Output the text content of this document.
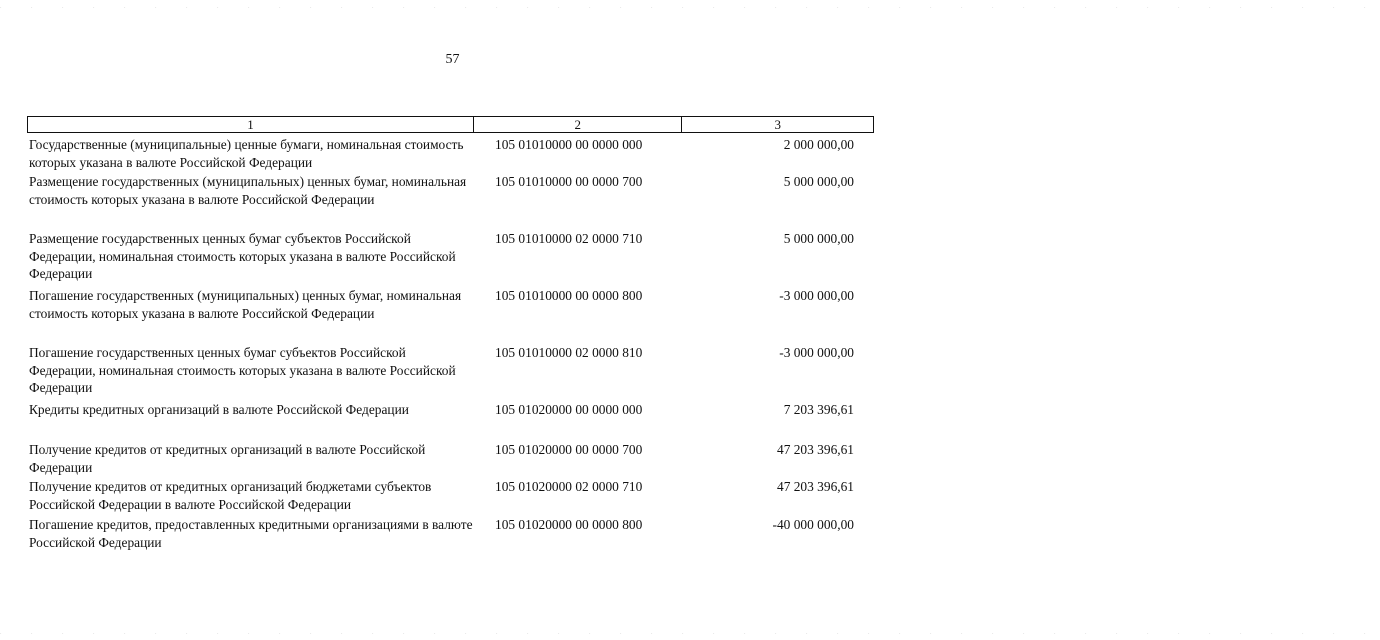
. . . . . . . . . . . . . . . . . . . . . . . . . . . . . . . . . . . . . . . . . . . . .
57
1	2	3
Государственные (муниципальные) ценные бумаги, номинальная стоимость которых указана в валюте Российской Федерации
105 01010000 00 0000 000	2 000 000,00
Размещение государственных (муниципальных) ценных бумаг, номинальная стоимость которых указана в валюте Российской Федерации
105 01010000 00 0000 700	5 000 000,00
Размещение государственных ценных бумаг субъектов Российской Федерации, номинальная стоимость которых указана в валюте Российской Федерации
105 01010000 02 0000 710	5 000 000,00
Погашение государственных (муниципальных) ценных бумаг, номинальная стоимость которых указана в валюте Российской Федерации
105 01010000 00 0000 800	-3 000 000,00
Погашение государственных ценных бумаг субъектов Российской Федерации, номинальная стоимость которых указана в валюте Российской Федерации
105 01010000 02 0000 810	-3 000 000,00
Кредиты кредитных организаций в валюте Российской Федерации	105 01020000 00 0000 000	7 203 396,61
Получение кредитов от кредитных организаций в валюте Российской Федерации
105 01020000 00 0000 700	47 203 396,61
Получение кредитов от кредитных организаций бюджетами субъектов Российской Федерации в валюте Российской Федерации
105 01020000 02 0000 710	47 203 396,61
Погашение кредитов, предоставленных кредитными организациями в валюте Российской Федерации
105 01020000 00 0000 800	-40 000 000,00
. . . . . . . . . . . . . . . . . . . . . . . . . . . . . . . . . . . . . . . . . . . . .
